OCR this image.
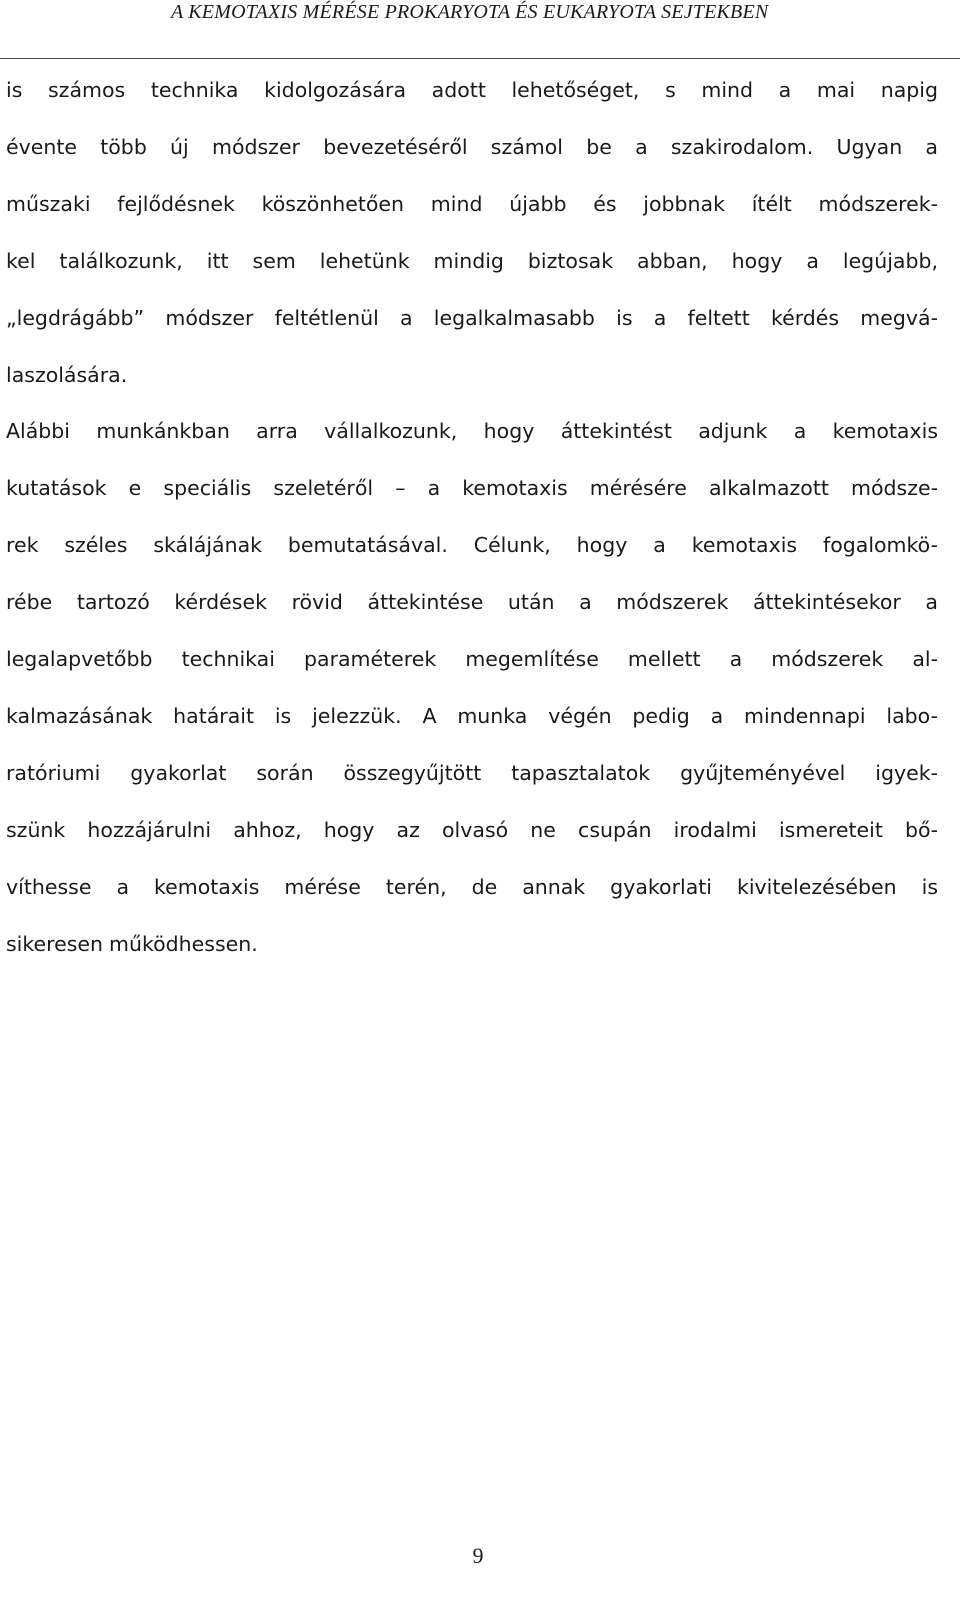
A KEMOTAXIS MÉRÉSE PROKARYOTA ÉS EUKARYOTA SEJTEKBEN
is számos technika kidolgozására adott lehetőséget, s mind a mai napig
évente több új módszer bevezetéséről számol be a szakirodalom. Ugyan a
műszaki fejlődésnek köszönhetően mind újabb és jobbnak ítélt módszerek-
kel találkozunk, itt sem lehetünk mindig biztosak abban, hogy a legújabb,
„legdrágább” módszer feltétlenül a legalkalmasabb is a feltett kérdés megvá-
laszolására.
Alábbi munkánkban arra vállalkozunk, hogy áttekintést adjunk a kemotaxis
kutatások e speciális szeletéről – a kemotaxis mérésére alkalmazott módsze-
rek széles skálájának bemutatásával. Célunk, hogy a kemotaxis fogalomkö-
rébe tartozó kérdések rövid áttekintése után a módszerek áttekintésekor a
legalapvetőbb technikai paraméterek megemlítése mellett a módszerek al-
kalmazásának határait is jelezzük. A munka végén pedig a mindennapi labo-
ratóriumi gyakorlat során összegyűjtött tapasztalatok gyűjteményével igyek-
szünk hozzájárulni ahhoz, hogy az olvasó ne csupán irodalmi ismereteit bő-
víthesse a kemotaxis mérése terén, de annak gyakorlati kivitelezésében is
sikeresen működhessen.
9
